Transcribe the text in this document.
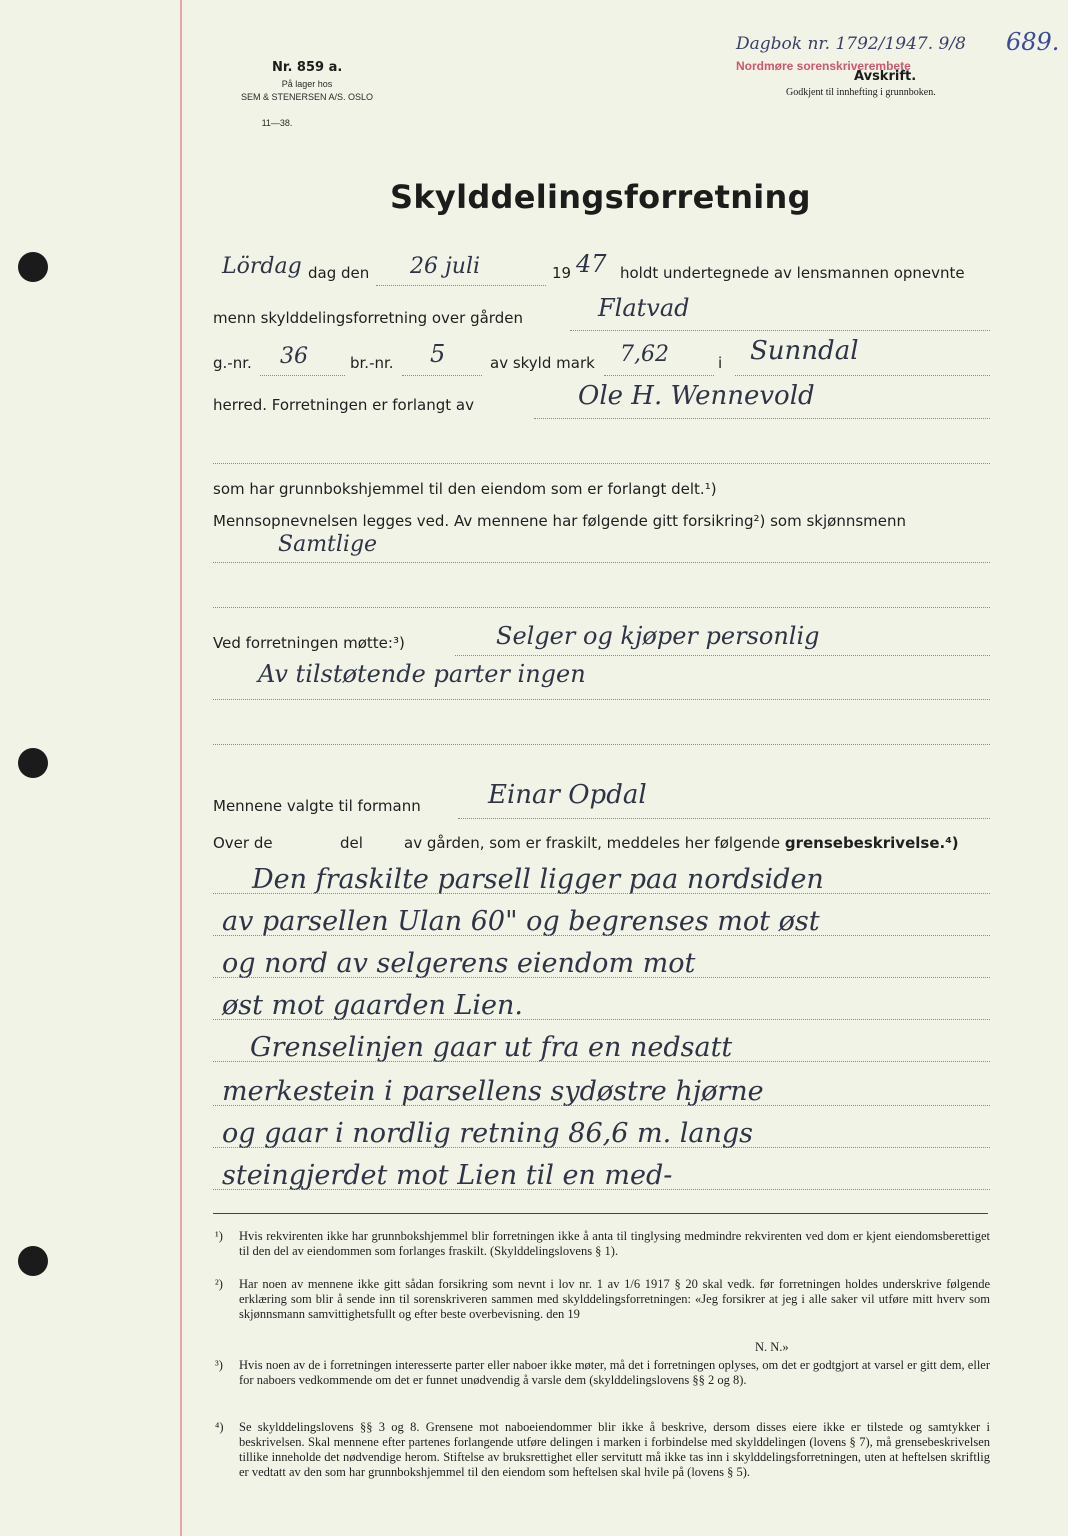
Nr. 859 a.
På lager hos
SEM & STENERSEN A/S. OSLO
11—38.
Dagbok nr. 1792/1947. 9/8
Nordmøre sorenskriverembete
689.
Avskrift.
Godkjent til innhefting i grunnboken.
Skylddelingsforretning
Lördag dag den 26 juli	19 47 holdt undertegnede av lensmannen opnevnte
menn skylddelingsforretning over gården	Flatvad
g.-nr. 36	br.-nr. 5	av skyld mark 7,62	i Sunndal
herred. Forretningen er forlangt av	Ole H. Wennevold
som har grunnbokshjemmel til den eiendom som er forlangt delt.¹)
Mennsopnevnelsen legges ved. Av mennene har følgende gitt forsikring²) som skjønnsmenn
Samtlige
Ved forretningen møtte:³)	Selger og kjøper personlig
Av tilstøtende parter ingen
Mennene valgte til formann	Einar Opdal
Over de	del	av gården, som er fraskilt, meddeles her følgende grensebeskrivelse.⁴)
Den fraskilte parsell ligger paa nordsiden
av parsellen Ulan 60" og begrenses mot øst
og nord av selgerens eiendom mot
øst mot gaarden Lien.
Grenselinjen gaar ut fra en nedsatt
merkestein i parsellens sydøstre hjørne
og gaar i nordlig retning 86,6 m. langs
steingjerdet mot Lien til en med-
¹) Hvis rekvirenten ikke har grunnbokshjemmel blir forretningen ikke å anta til tinglysing medmindre rekvirenten ved dom er kjent eiendomsberettiget til den del av eiendommen som forlanges fraskilt. (Skylddelingslovens § 1).
²) Har noen av mennene ikke gitt sådan forsikring som nevnt i lov nr. 1 av 1/6 1917 § 20 skal vedk. før forretningen holdes underskrive følgende erklæring som blir å sende inn til sorenskriveren sammen med skylddelingsforretningen: «Jeg forsikrer at jeg i alle saker vil utføre mitt hverv som skjønnsmann samvittighetsfullt og efter beste overbevisning. den 19
N. N.»
³) Hvis noen av de i forretningen interesserte parter eller naboer ikke møter, må det i forretningen oplyses, om det er godtgjort at varsel er gitt dem, eller for naboers vedkommende om det er funnet unødvendig å varsle dem (skylddelingslovens §§ 2 og 8).
⁴) Se skylddelingslovens §§ 3 og 8. Grensene mot naboeiendommer blir ikke å beskrive, dersom disses eiere ikke er tilstede og samtykker i beskrivelsen. Skal mennene efter partenes forlangende utføre delingen i marken i forbindelse med skylddelingen (lovens § 7), må grensebeskrivelsen tillike inneholde det nødvendige herom. Stiftelse av bruksrettighet eller servitutt må ikke tas inn i skylddelingsforretningen, uten at heftelsen skriftlig er vedtatt av den som har grunnbokshjemmel til den eiendom som heftelsen skal hvile på (lovens § 5).
